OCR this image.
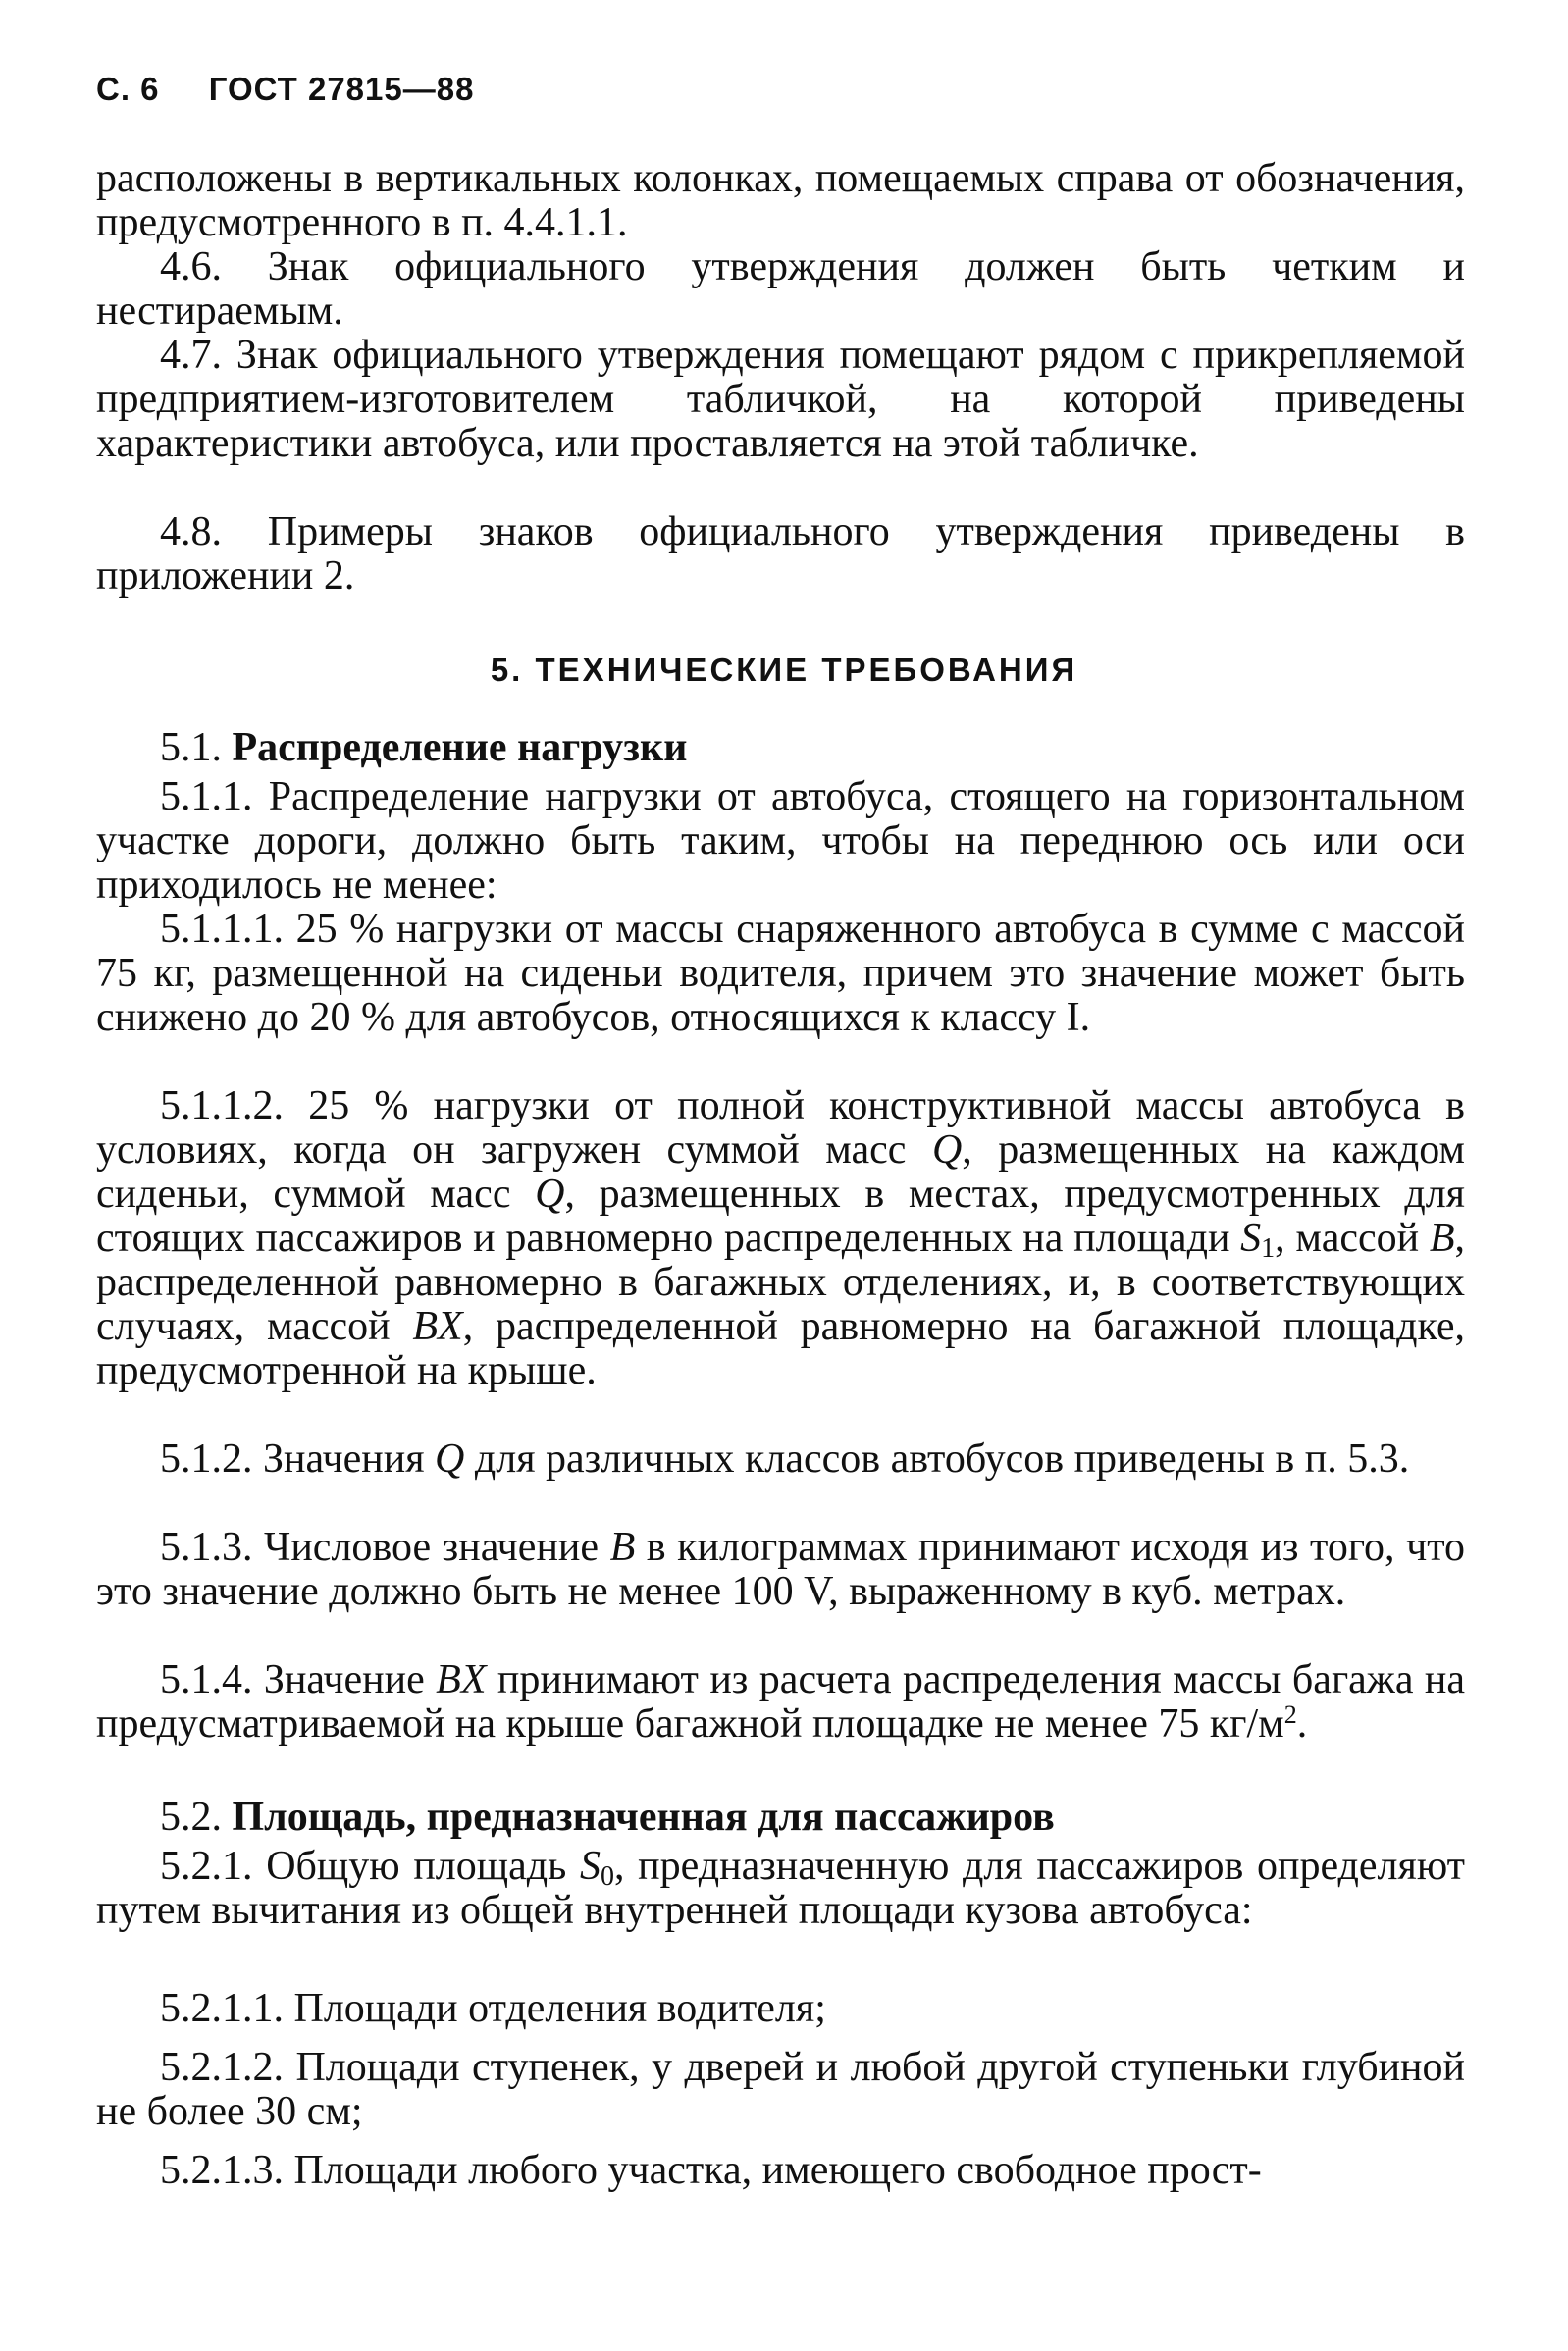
С. 6 ГОСТ 27815—88

расположены в вертикальных колонках, помещаемых справа от обозначения, предусмотренного в п. 4.4.1.1.

4.6. Знак официального утверждения должен быть четким и нестираемым.

4.7. Знак официального утверждения помещают рядом с прикрепляемой предприятием-изготовителем табличкой, на которой приведены характеристики автобуса, или проставляется на этой табличке.

4.8. Примеры знаков официального утверждения приведены в приложении 2.

5. ТЕХНИЧЕСКИЕ ТРЕБОВАНИЯ

5.1. Распределение нагрузки

5.1.1. Распределение нагрузки от автобуса, стоящего на горизонтальном участке дороги, должно быть таким, чтобы на переднюю ось или оси приходилось не менее:

5.1.1.1. 25 % нагрузки от массы снаряженного автобуса в сумме с массой 75 кг, размещенной на сиденьи водителя, причем это значение может быть снижено до 20 % для автобусов, относящихся к классу I.

5.1.1.2. 25 % нагрузки от полной конструктивной массы автобуса в условиях, когда он загружен суммой масс Q, размещенных на каждом сиденьи, суммой масс Q, размещенных в местах, предусмотренных для стоящих пассажиров и равномерно распределенных на площади $S_1$, массой B, распределенной равномерно в багажных отделениях, и, в соответствующих случаях, массой BX, распределенной равномерно на багажной площадке, предусмотренной на крыше.

5.1.2. Значения Q для различных классов автобусов приведены в п. 5.3.

5.1.3. Числовое значение B в килограммах принимают исходя из того, что это значение должно быть не менее 100 V, выраженному в куб. метрах.

5.1.4. Значение BX принимают из расчета распределения массы багажа на предусматриваемой на крыше багажной площадке не менее 75 $кг/м^2$.

5.2. Площадь, предназначенная для пассажиров

5.2.1. Общую площадь $S_0$, предназначенную для пассажиров определяют путем вычитания из общей внутренней площади кузова автобуса:

5.2.1.1. Площади отделения водителя;

5.2.1.2. Площади ступенек, у дверей и любой другой ступеньки глубиной не более 30 см;

5.2.1.3. Площади любого участка, имеющего свободное прост-
